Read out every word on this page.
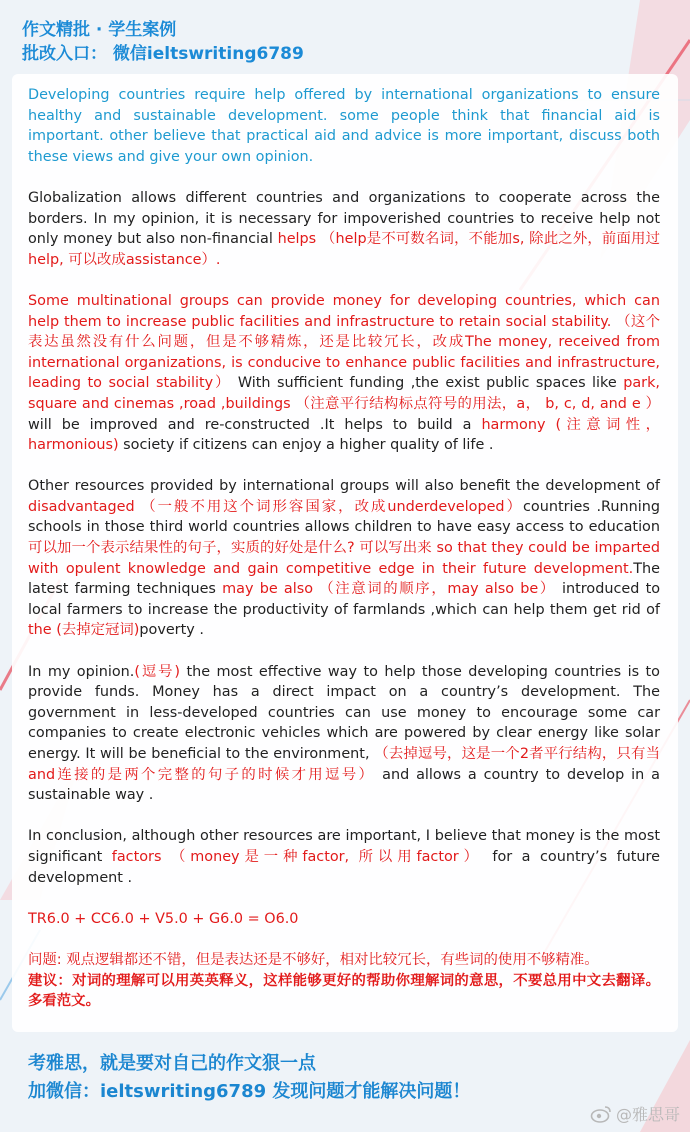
作文精批 · 学生案例
批改入口： 微信ieltswriting6789

Developing countries require help offered by international organizations to ensure healthy and sustainable development. some people think that financial aid is important. other believe that practical aid and advice is more important, discuss both these views and give your own opinion.

Globalization allows different countries and organizations to cooperate across the borders. In my opinion, it is necessary for impoverished countries to receive help not only money but also non-financial helps （help是不可数名词，不能加s, 除此之外，前面用过help, 可以改成assistance）.

Some multinational groups can provide money for developing countries, which can help them to increase public facilities and infrastructure to retain social stability. （这个表达虽然没有什么问题，但是不够精炼，还是比较冗长，改成The money, received from international organizations, is conducive to enhance public facilities and infrastructure, leading to social stability） With sufficient funding ,the exist public spaces like park, square and cinemas ,road ,buildings （注意平行结构标点符号的用法，a， b, c, d, and e ）will be improved and re-constructed .It helps to build a harmony (注意词性，harmonious) society if citizens can enjoy a higher quality of life .

Other resources provided by international groups will also benefit the development of disadvantaged （一般不用这个词形容国家，改成underdeveloped）countries .Running schools in those third world countries allows children to have easy access to education可以加一个表示结果性的句子，实质的好处是什么? 可以写出来 so that they could be imparted with opulent knowledge and gain competitive edge in their future development.The latest farming techniques may be also （注意词的顺序，may also be） introduced to local farmers to increase the productivity of farmlands ,which can help them get rid of the (去掉定冠词)poverty .

In my opinion.(逗号) the most effective way to help those developing countries is to provide funds. Money has a direct impact on a country’s development. The government in less-developed countries can use money to encourage some car companies to create electronic vehicles which are powered by clear energy like solar energy. It will be beneficial to the environment, （去掉逗号，这是一个2者平行结构，只有当and连接的是两个完整的句子的时候才用逗号） and allows a country to develop in a sustainable way .

In conclusion, although other resources are important, I believe that money is the most significant factors （money是一种factor, 所以用factor） for a country’s future development .

TR6.0 + CC6.0 + V5.0 + G6.0 = O6.0

问题: 观点逻辑都还不错，但是表达还是不够好，相对比较冗长，有些词的使用不够精准。

建议：对词的理解可以用英英释义，这样能够更好的帮助你理解词的意思，不要总用中文去翻译。多看范文。

考雅思，就是要对自己的作文狠一点
加微信：ieltswriting6789 发现问题才能解决问题！
@雅思哥
